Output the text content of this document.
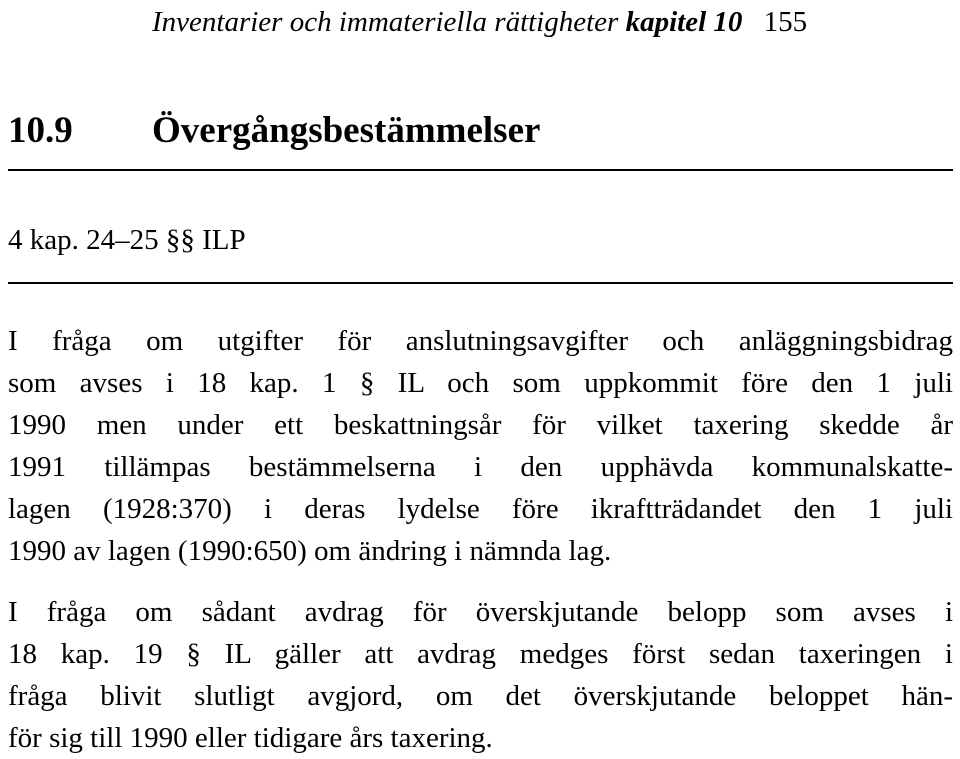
Inventarier och immateriella rättigheter kapitel 10 155
10.9 Övergångsbestämmelser
4 kap. 24–25 §§ ILP
I fråga om utgifter för anslutningsavgifter och anläggningsbidrag
som avses i 18 kap. 1 § IL och som uppkommit före den 1 juli
1990 men under ett beskattningsår för vilket taxering skedde år
1991 tillämpas bestämmelserna i den upphävda kommunalskatte-
lagen (1928:370) i deras lydelse före ikraftträdandet den 1 juli
1990 av lagen (1990:650) om ändring i nämnda lag.
I fråga om sådant avdrag för överskjutande belopp som avses i
18 kap. 19 § IL gäller att avdrag medges först sedan taxeringen i
fråga blivit slutligt avgjord, om det överskjutande beloppet hän-
för sig till 1990 eller tidigare års taxering.
